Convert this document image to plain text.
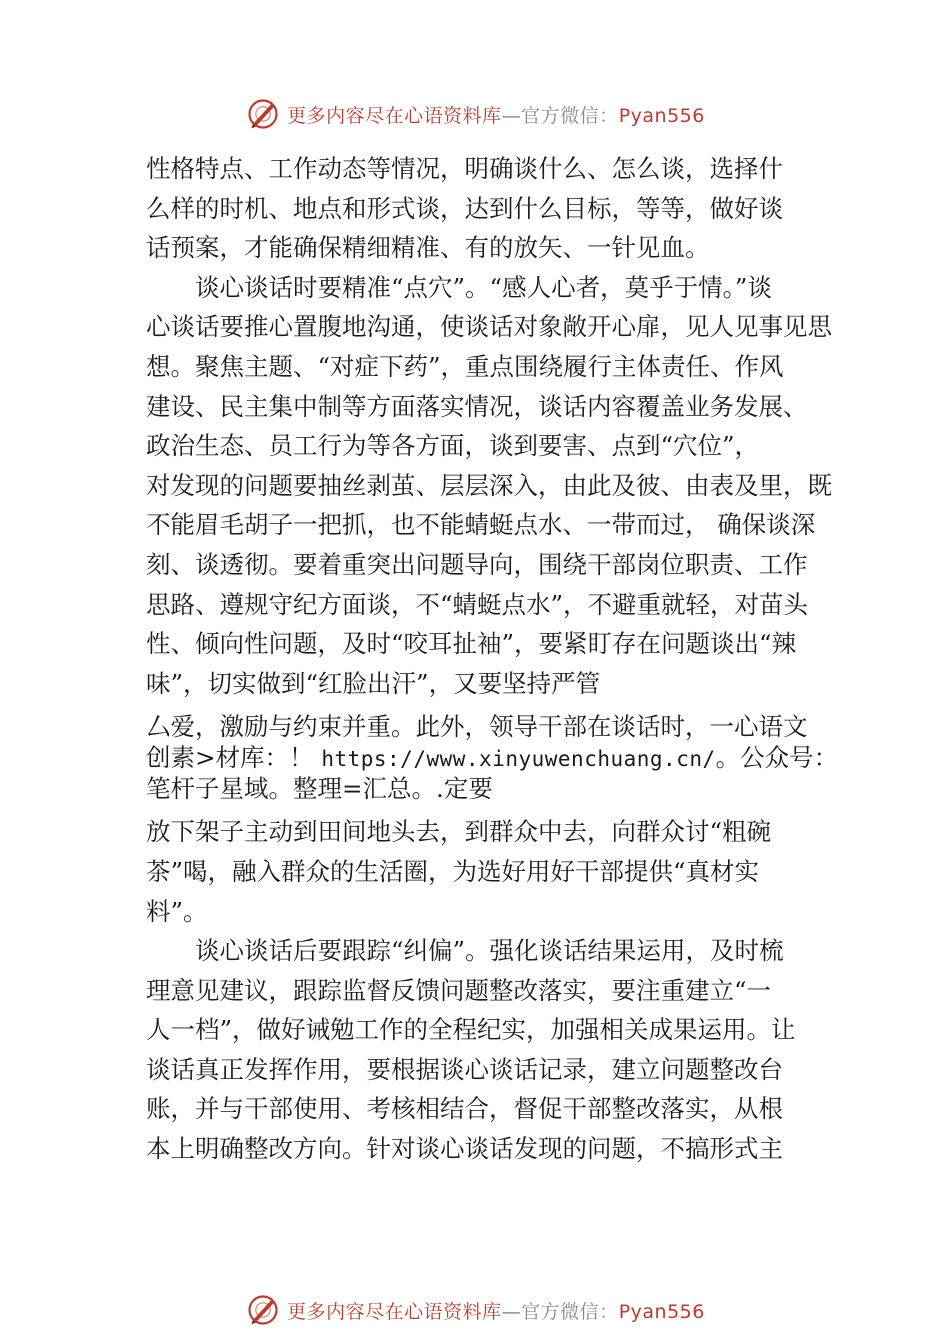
更多内容尽在心语资料库—官方微信：Pyan556
性格特点、工作动态等情况，明确谈什么、怎么谈，选择什
么样的时机、地点和形式谈，达到什么目标，等等，做好谈
话预案，才能确保精细精准、有的放矢、一针见血。
谈心谈话时要精准“点穴”。“感人心者，莫乎于情。”谈
心谈话要推心置腹地沟通，使谈话对象敞开心扉，见人见事见思
想。聚焦主题、“对症下药”，重点围绕履行主体责任、作风
建设、民主集中制等方面落实情况，谈话内容覆盖业务发展、
政治生态、员工行为等各方面，谈到要害、点到“穴位”，
对发现的问题要抽丝剥茧、层层深入，由此及彼、由表及里，既
不能眉毛胡子一把抓，也不能蜻蜓点水、一带而过， 确保谈深
刻、谈透彻。要着重突出问题导向，围绕干部岗位职责、工作
思路、遵规守纪方面谈，不“蜻蜓点水”，不避重就轻，对苗头
性、倾向性问题，及时“咬耳扯袖”，要紧盯存在问题谈出“辣
味”，切实做到“红脸出汗”，又要坚持严管
⼛爱，激励与约束并重。此外，领导干部在谈话时，一心语文
创素>材库：！ https://www.xinyuwenchuang.cn/。公众号：
笔杆子星域。整理=汇总。.定要
放下架子主动到田间地头去，到群众中去，向群众讨“粗碗
茶”喝，融入群众的生活圈，为选好用好干部提供“真材实
料”。
谈心谈话后要跟踪“纠偏”。强化谈话结果运用，及时梳
理意见建议，跟踪监督反馈问题整改落实，要注重建立“一
人一档”，做好诫勉工作的全程纪实，加强相关成果运用。让
谈话真正发挥作用，要根据谈心谈话记录，建立问题整改台
账，并与干部使用、考核相结合，督促干部整改落实，从根
本上明确整改方向。针对谈心谈话发现的问题，不搞形式主
更多内容尽在心语资料库—官方微信：Pyan556
